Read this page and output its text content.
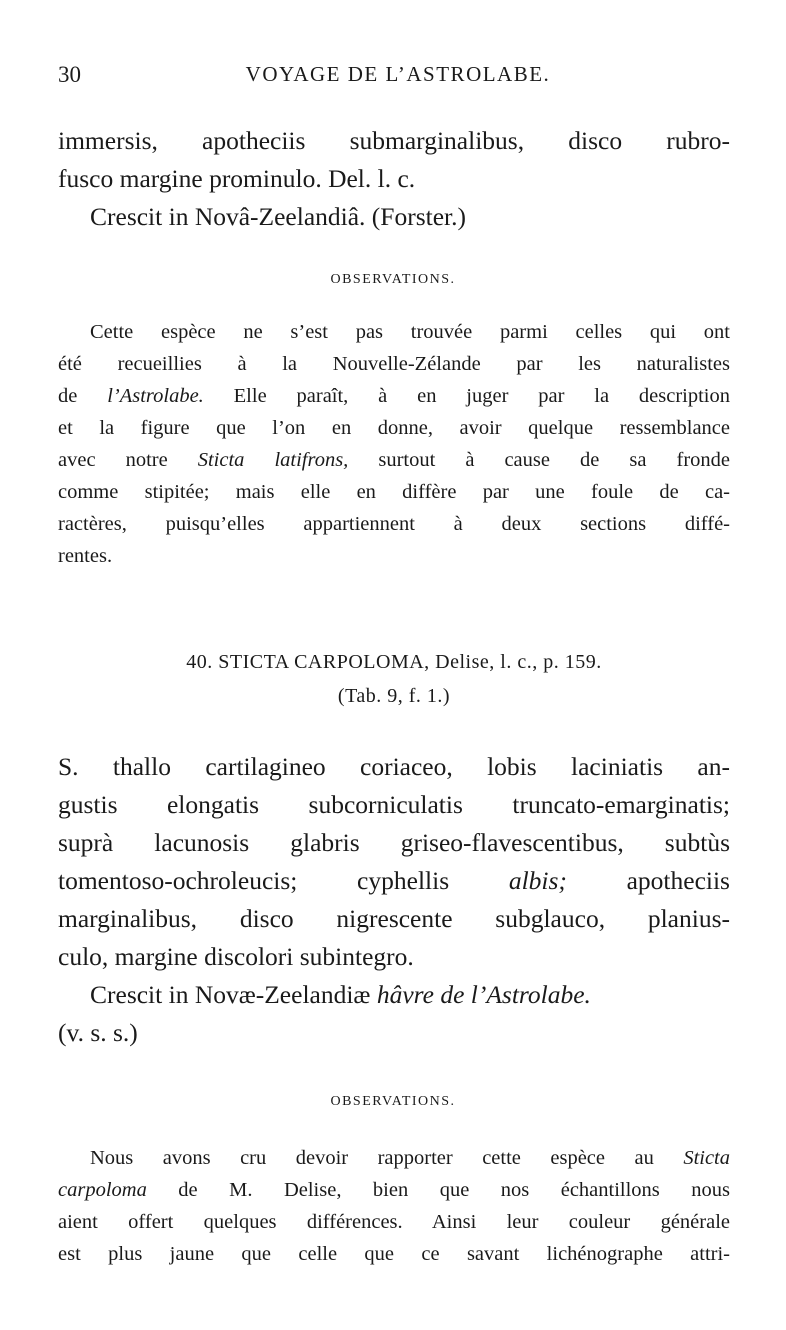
30	VOYAGE DE L’ASTROLABE.
immersis, apotheciis submarginalibus, disco rubro-
fusco margine prominulo. Del. l. c.
Crescit in Novâ-Zeelandiâ. (Forster.)
OBSERVATIONS.
Cette espèce ne s’est pas trouvée parmi celles qui ont
été recueillies à la Nouvelle-Zélande par les naturalistes
de l’Astrolabe. Elle paraît, à en juger par la description
et la figure que l’on en donne, avoir quelque ressemblance
avec notre Sticta latifrons, surtout à cause de sa fronde
comme stipitée; mais elle en diffère par une foule de ca-
ractères, puisqu’elles appartiennent à deux sections diffé-
rentes.
40. STICTA CARPOLOMA, Delise, l. c., p. 159.
(Tab. 9, f. 1.)
S. thallo cartilagineo coriaceo, lobis laciniatis an-
gustis elongatis subcorniculatis truncato-emarginatis;
suprà lacunosis glabris griseo-flavescentibus, subtùs
tomentoso-ochroleucis; cyphellis albis; apotheciis
marginalibus, disco nigrescente subglauco, planius-
culo, margine discolori subintegro.
Crescit in Novæ-Zeelandiæ hâvre de l’Astrolabe.
(v. s. s.)
OBSERVATIONS.
Nous avons cru devoir rapporter cette espèce au Sticta
carpoloma de M. Delise, bien que nos échantillons nous
aient offert quelques différences. Ainsi leur couleur générale
est plus jaune que celle que ce savant lichénographe attri-
